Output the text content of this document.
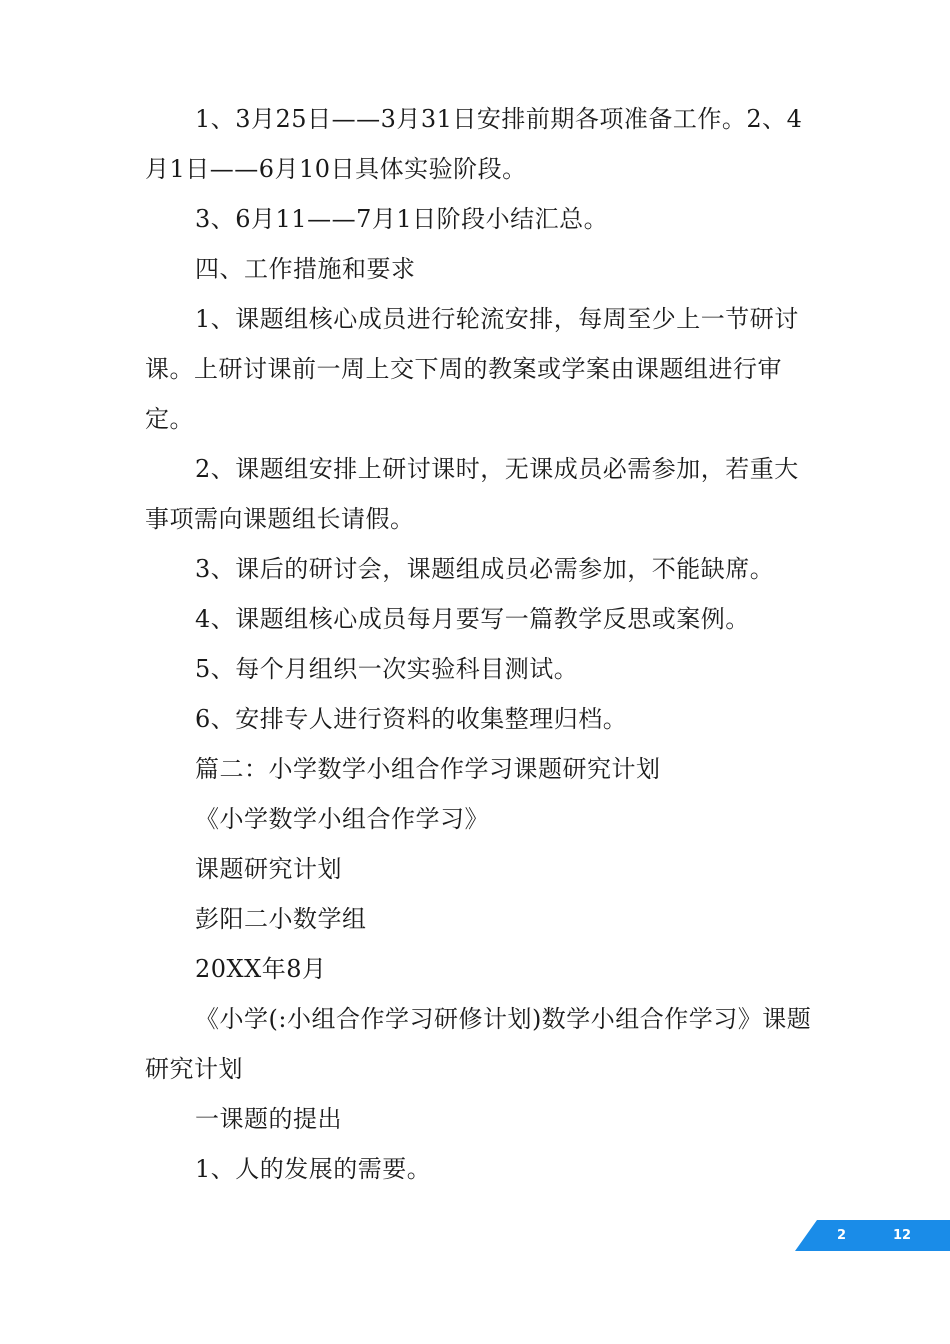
1、3月25日——3月31日安排前期各项准备工作。2、4月1日——6月10日具体实验阶段。

3、6月11——7月1日阶段小结汇总。

四、工作措施和要求

1、课题组核心成员进行轮流安排，每周至少上一节研讨课。上研讨课前一周上交下周的教案或学案由课题组进行审定。

2、课题组安排上研讨课时，无课成员必需参加，若重大事项需向课题组长请假。

3、课后的研讨会，课题组成员必需参加，不能缺席。

4、课题组核心成员每月要写一篇教学反思或案例。

5、每个月组织一次实验科目测试。

6、安排专人进行资料的收集整理归档。

篇二：小学数学小组合作学习课题研究计划

《小学数学小组合作学习》

课题研究计划

彭阳二小数学组

20XX年8月

《小学(:小组合作学习研修计划)数学小组合作学习》课题研究计划

一课题的提出

1、人的发展的需要。

2	12
